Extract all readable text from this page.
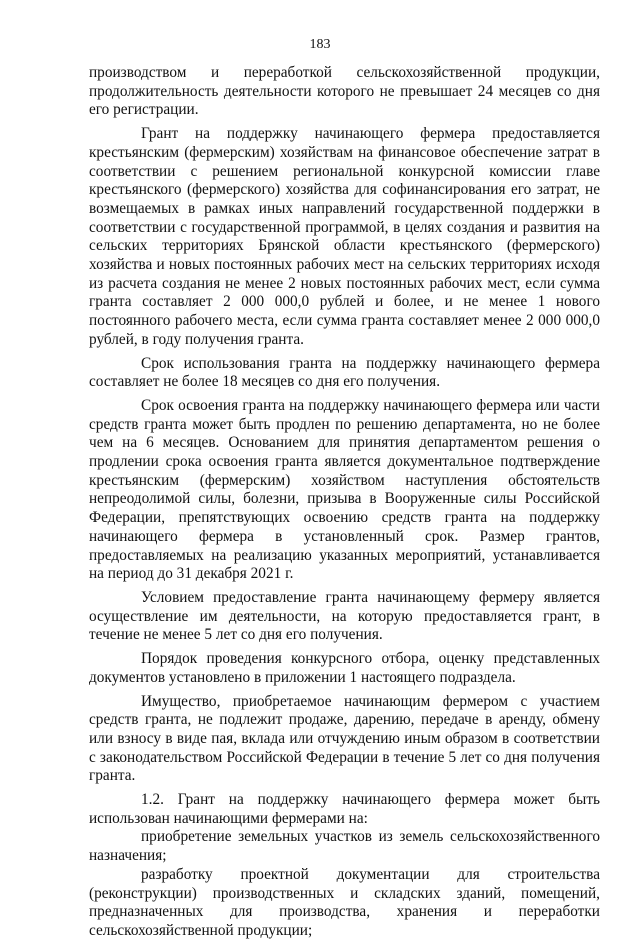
183

производством и переработкой сельскохозяйственной продукции, продолжительность деятельности которого не превышает 24 месяцев со дня его регистрации.

Грант на поддержку начинающего фермера предоставляется крестьянским (фермерским) хозяйствам на финансовое обеспечение затрат в соответствии с решением региональной конкурсной комиссии главе крестьянского (фермерского) хозяйства для софинансирования его затрат, не возмещаемых в рамках иных направлений государственной поддержки в соответствии с государственной программой, в целях создания и развития на сельских территориях Брянской области крестьянского (фермерского) хозяйства и новых постоянных рабочих мест на сельских территориях исходя из расчета создания не менее 2 новых постоянных рабочих мест, если сумма гранта составляет 2 000 000,0 рублей и более, и не менее 1 нового постоянного рабочего места, если сумма гранта составляет менее 2 000 000,0 рублей, в году получения гранта.

Срок использования гранта на поддержку начинающего фермера составляет не более 18 месяцев со дня его получения.

Срок освоения гранта на поддержку начинающего фермера или части средств гранта может быть продлен по решению департамента, но не более чем на 6 месяцев. Основанием для принятия департаментом решения о продлении срока освоения гранта является документальное подтверждение крестьянским (фермерским) хозяйством наступления обстоятельств непреодолимой силы, болезни, призыва в Вооруженные силы Российской Федерации, препятствующих освоению средств гранта на поддержку начинающего фермера в установленный срок. Размер грантов, предоставляемых на реализацию указанных мероприятий, устанавливается на период до 31 декабря 2021 г.

Условием предоставление гранта начинающему фермеру является осуществление им деятельности, на которую предоставляется грант, в течение не менее 5 лет со дня его получения.

Порядок проведения конкурсного отбора, оценку представленных документов установлено в приложении 1 настоящего подраздела.

Имущество, приобретаемое начинающим фермером с участием средств гранта, не подлежит продаже, дарению, передаче в аренду, обмену или взносу в виде пая, вклада или отчуждению иным образом в соответствии с законодательством Российской Федерации в течение 5 лет со дня получения гранта.

1.2. Грант на поддержку начинающего фермера может быть использован начинающими фермерами на:

приобретение земельных участков из земель сельскохозяйственного назначения;

разработку проектной документации для строительства (реконструкции) производственных и складских зданий, помещений, предназначенных для производства, хранения и переработки сельскохозяйственной продукции;
